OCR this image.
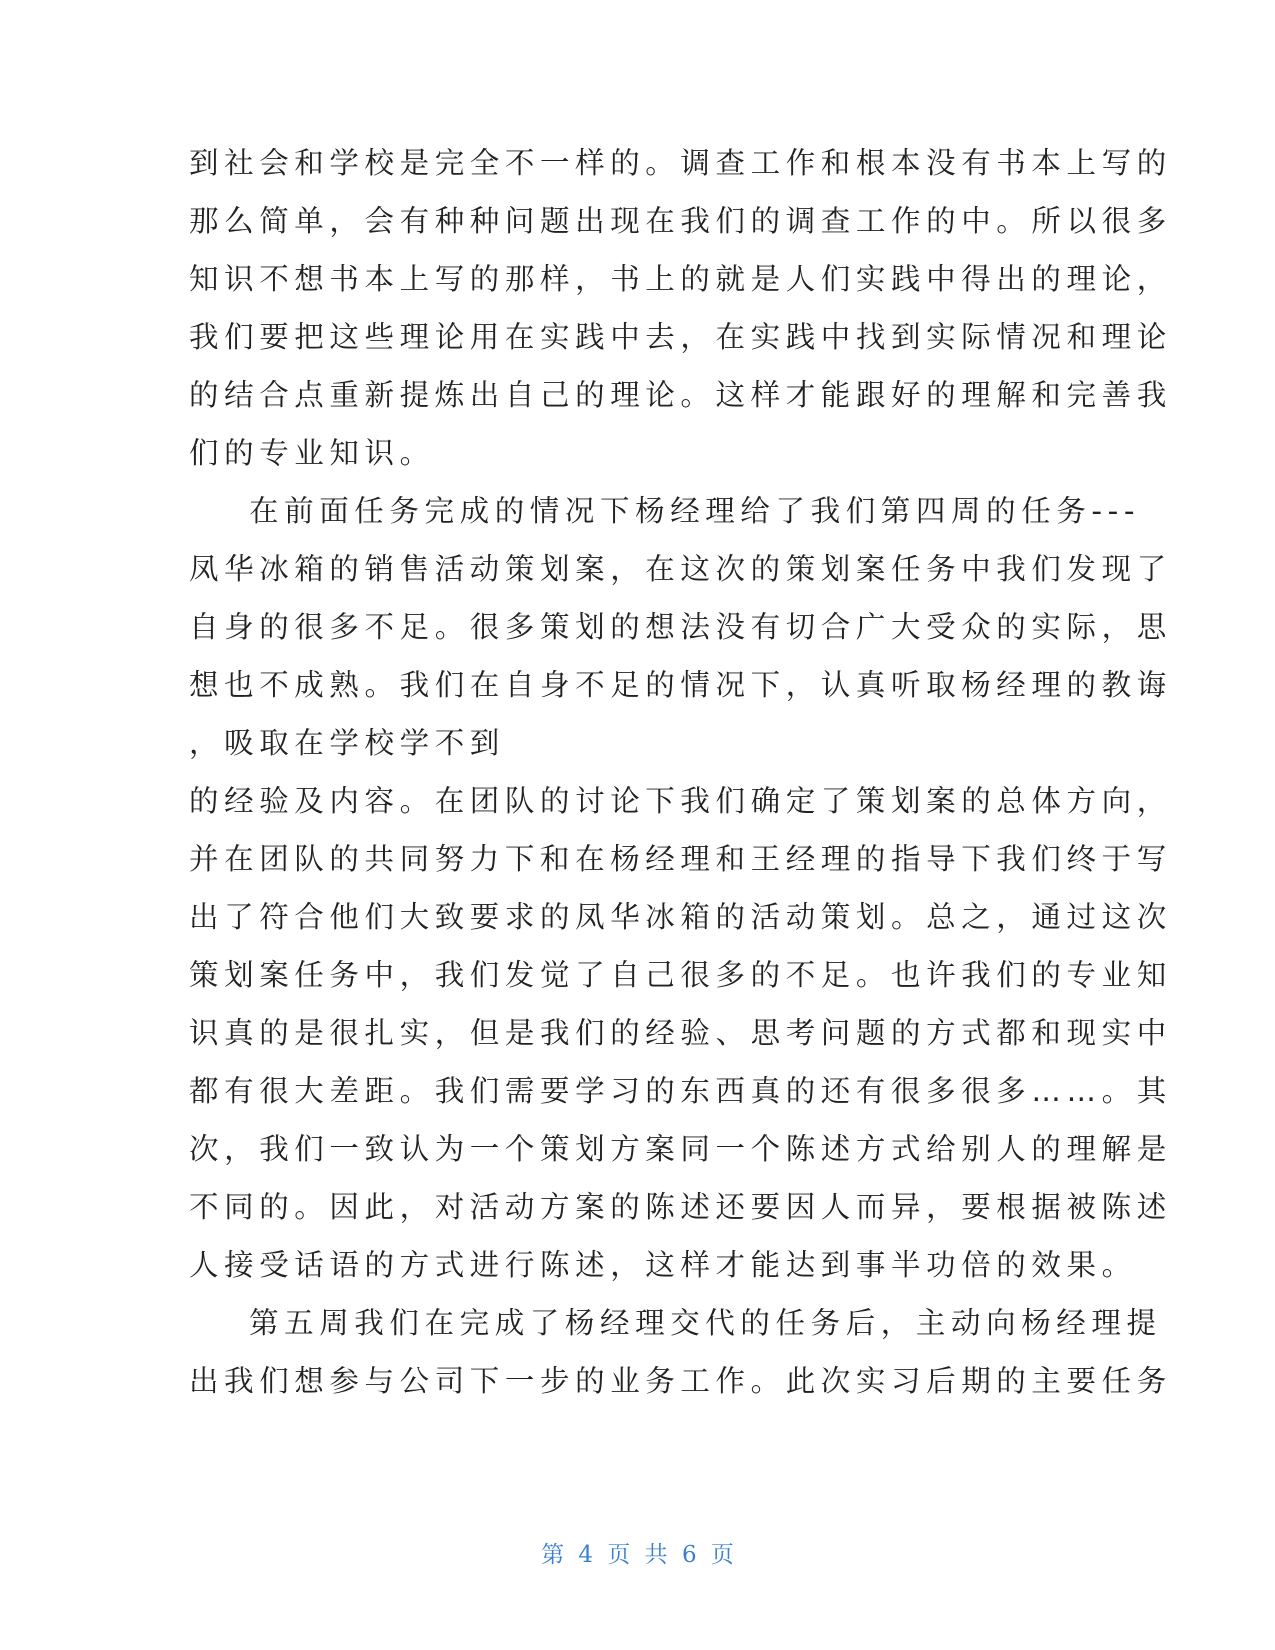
到社会和学校是完全不一样的。调查工作和根本没有书本上写的
那么简单，会有种种问题出现在我们的调查工作的中。所以很多
知识不想书本上写的那样，书上的就是人们实践中得出的理论，
我们要把这些理论用在实践中去，在实践中找到实际情况和理论
的结合点重新提炼出自己的理论。这样才能跟好的理解和完善我
们的专业知识。
在前面任务完成的情况下杨经理给了我们第四周的任务---
凤华冰箱的销售活动策划案，在这次的策划案任务中我们发现了
自身的很多不足。很多策划的想法没有切合广大受众的实际，思
想也不成熟。我们在自身不足的情况下，认真听取杨经理的教诲
，吸取在学校学不到
的经验及内容。在团队的讨论下我们确定了策划案的总体方向，
并在团队的共同努力下和在杨经理和王经理的指导下我们终于写
出了符合他们大致要求的凤华冰箱的活动策划。总之，通过这次
策划案任务中，我们发觉了自己很多的不足。也许我们的专业知
识真的是很扎实，但是我们的经验、思考问题的方式都和现实中
都有很大差距。我们需要学习的东西真的还有很多很多……。其
次，我们一致认为一个策划方案同一个陈述方式给别人的理解是
不同的。因此，对活动方案的陈述还要因人而异，要根据被陈述
人接受话语的方式进行陈述，这样才能达到事半功倍的效果。
第五周我们在完成了杨经理交代的任务后，主动向杨经理提
出我们想参与公司下一步的业务工作。此次实习后期的主要任务
第 4 页 共 6 页
